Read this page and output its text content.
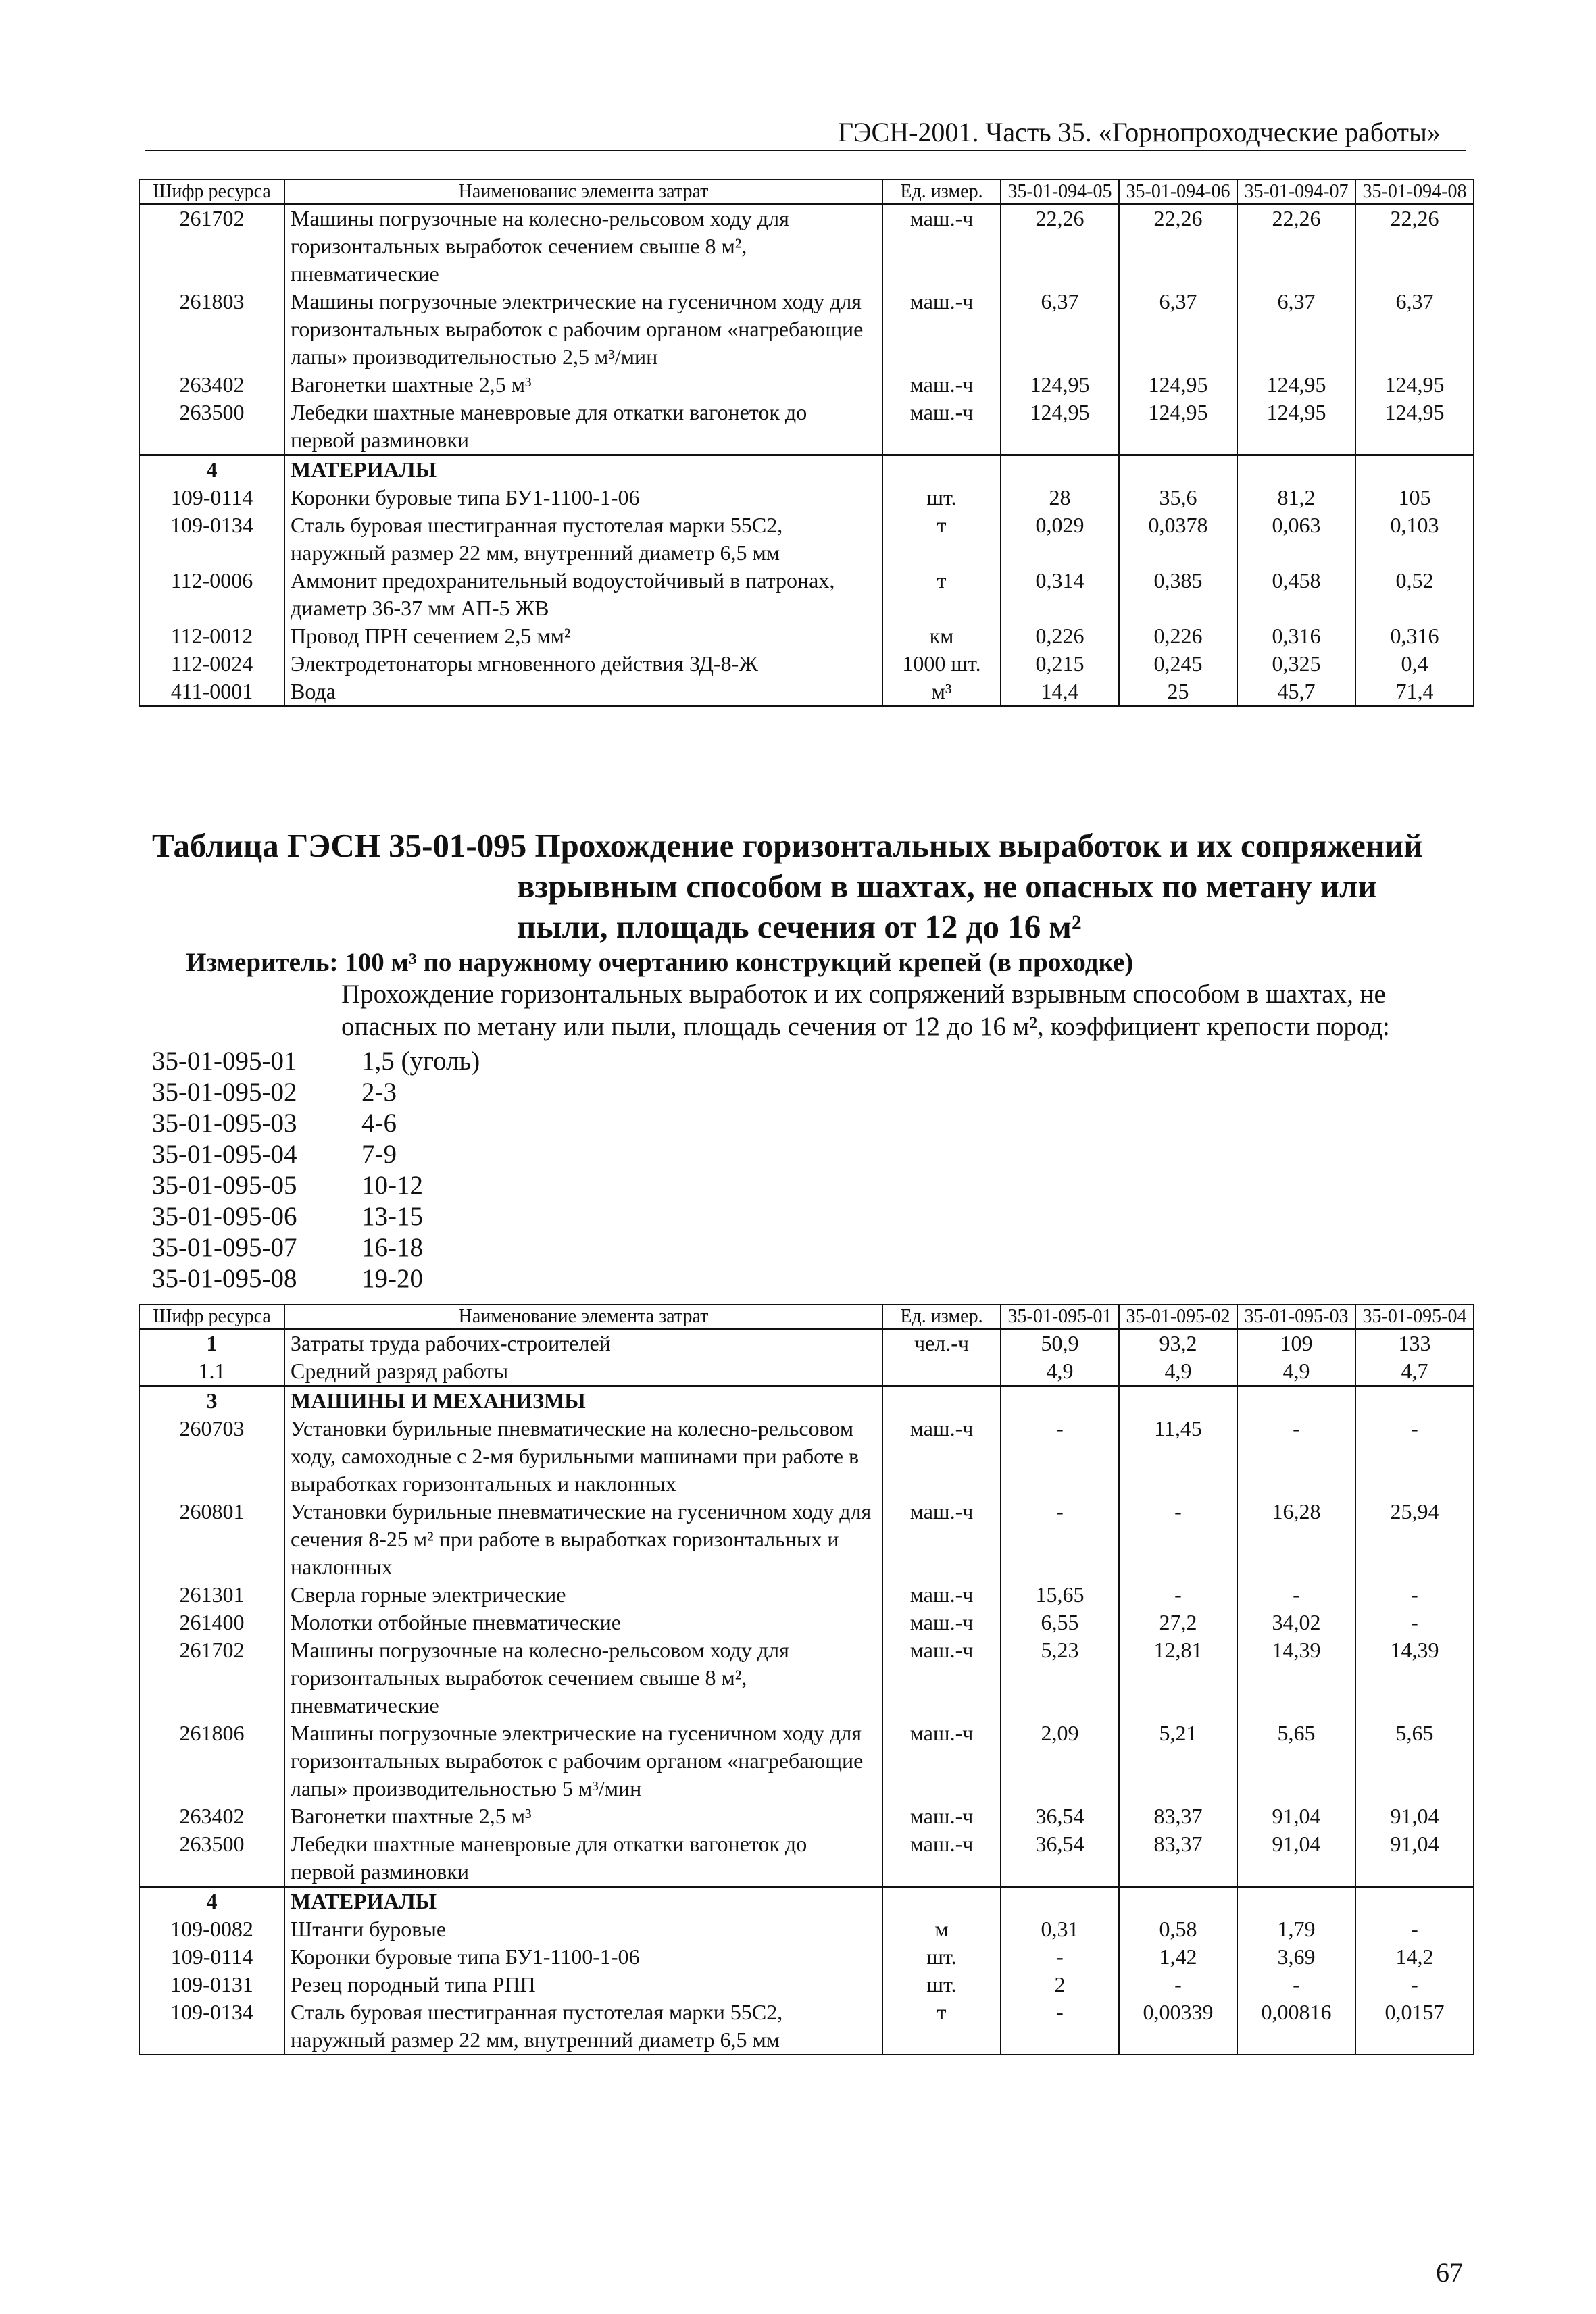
ГЭСН-2001. Часть 35. «Горнопроходческие работы»
Шифр ресурса	Наименованис элемента затрат	Ед. измер.	35-01-094-05	35-01-094-06	35-01-094-07	35-01-094-08
261702	Машины погрузочные на колесно-рельсовом ходу для горизонтальных выработок сечением свыше 8 м², пневматические	маш.-ч	22,26	22,26	22,26	22,26
261803	Машины погрузочные электрические на гусеничном ходу для горизонтальных выработок с рабочим органом «нагребающие лапы» производительностью 2,5 м³/мин	маш.-ч	6,37	6,37	6,37	6,37
263402	Вагонетки шахтные 2,5 м³	маш.-ч	124,95	124,95	124,95	124,95
263500	Лебедки шахтные маневровые для откатки вагонеток до первой разминовки	маш.-ч	124,95	124,95	124,95	124,95
4	МАТЕРИАЛЫ					
109-0114	Коронки буровые типа БУ1-1100-1-06	шт.	28	35,6	81,2	105
109-0134	Сталь буровая шестигранная пустотелая марки 55С2, наружный размер 22 мм, внутренний диаметр 6,5 мм	т	0,029	0,0378	0,063	0,103
112-0006	Аммонит предохранительный водоустойчивый в патронах, диаметр 36-37 мм АП-5 ЖВ	т	0,314	0,385	0,458	0,52
112-0012	Провод ПРН сечением 2,5 мм²	км	0,226	0,226	0,316	0,316
112-0024	Электродетонаторы мгновенного действия ЗД-8-Ж	1000 шт.	0,215	0,245	0,325	0,4
411-0001	Вода	м³	14,4	25	45,7	71,4
Таблица ГЭСН 35-01-095 Прохождение горизонтальных выработок и их сопряжений
взрывным способом в шахтах, не опасных по метану или
пыли, площадь сечения от 12 до 16 м²
Измеритель: 100 м³ по наружному очертанию конструкций крепей (в проходке)
Прохождение горизонтальных выработок и их сопряжений взрывным способом в шахтах, не опасных по метану или пыли, площадь сечения от 12 до 16 м², коэффициент крепости пород:
35-01-095-01	1,5 (уголь)
35-01-095-02	2-3
35-01-095-03	4-6
35-01-095-04	7-9
35-01-095-05	10-12
35-01-095-06	13-15
35-01-095-07	16-18
35-01-095-08	19-20
Шифр ресурса	Наименование элемента затрат	Ед. измер.	35-01-095-01	35-01-095-02	35-01-095-03	35-01-095-04
1	Затраты труда рабочих-строителей	чел.-ч	50,9	93,2	109	133
1.1	Средний разряд работы		4,9	4,9	4,9	4,7
3	МАШИНЫ И МЕХАНИЗМЫ					
260703	Установки бурильные пневматические на колесно-рельсовом ходу, самоходные с 2-мя бурильными машинами при работе в выработках горизонтальных и наклонных	маш.-ч	-	11,45	-	-
260801	Установки бурильные пневматические на гусеничном ходу для сечения 8-25 м² при работе в выработках горизонтальных и наклонных	маш.-ч	-	-	16,28	25,94
261301	Сверла горные электрические	маш.-ч	15,65	-	-	-
261400	Молотки отбойные пневматические	маш.-ч	6,55	27,2	34,02	-
261702	Машины погрузочные на колесно-рельсовом ходу для горизонтальных выработок сечением свыше 8 м², пневматические	маш.-ч	5,23	12,81	14,39	14,39
261806	Машины погрузочные электрические на гусеничном ходу для горизонтальных выработок с рабочим органом «нагребающие лапы» производительностью 5 м³/мин	маш.-ч	2,09	5,21	5,65	5,65
263402	Вагонетки шахтные 2,5 м³	маш.-ч	36,54	83,37	91,04	91,04
263500	Лебедки шахтные маневровые для откатки вагонеток до первой разминовки	маш.-ч	36,54	83,37	91,04	91,04
4	МАТЕРИАЛЫ					
109-0082	Штанги буровые	м	0,31	0,58	1,79	-
109-0114	Коронки буровые типа БУ1-1100-1-06	шт.	-	1,42	3,69	14,2
109-0131	Резец породный типа РПП	шт.	2	-	-	-
109-0134	Сталь буровая шестигранная пустотелая марки 55С2, наружный размер 22 мм, внутренний диаметр 6,5 мм	т	-	0,00339	0,00816	0,0157
67
